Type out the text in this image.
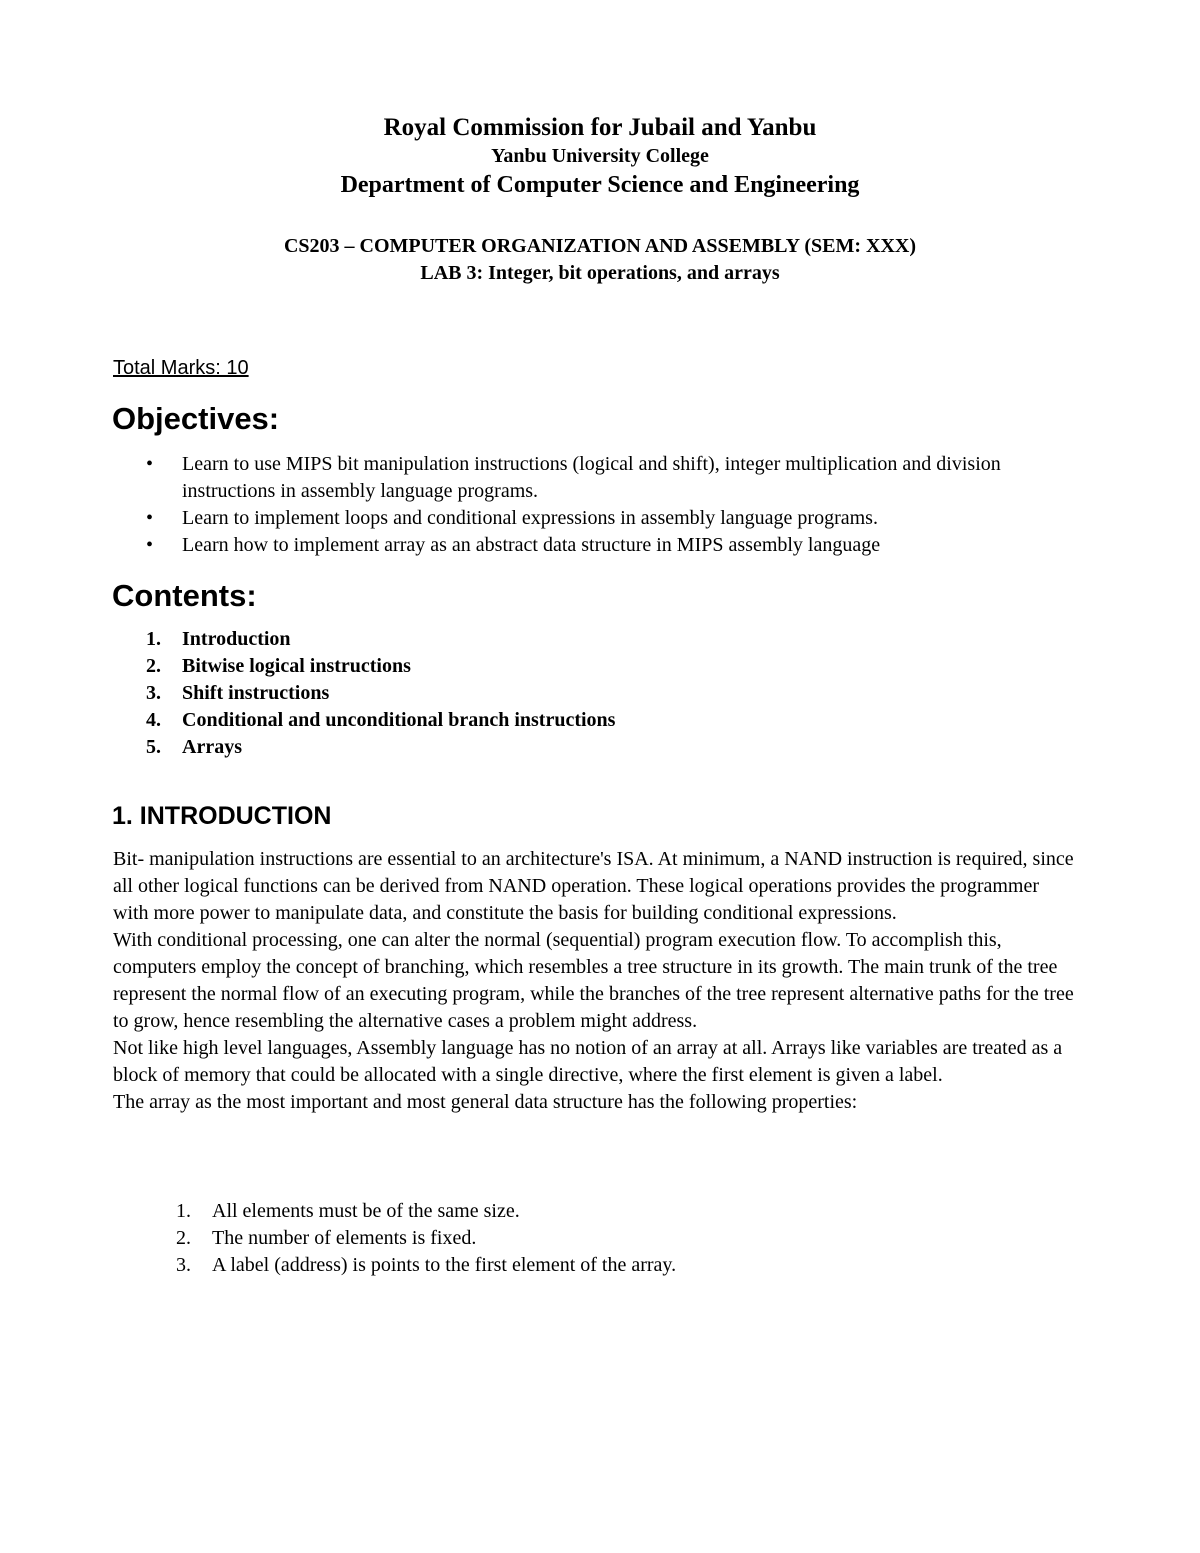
Royal Commission for Jubail and Yanbu

Yanbu University College

Department of Computer Science and Engineering

CS203 – COMPUTER ORGANIZATION AND ASSEMBLY (SEM: XXX)

LAB 3: Integer, bit operations, and arrays

Total Marks: 10
Objectives:
• Learn to use MIPS bit manipulation instructions (logical and shift), integer multiplication and division instructions in assembly language programs.
• Learn to implement loops and conditional expressions in assembly language programs.
• Learn how to implement array as an abstract data structure in MIPS assembly language
Contents:
1. Introduction
2. Bitwise logical instructions
3. Shift instructions
4. Conditional and unconditional branch instructions
5. Arrays
1. INTRODUCTION

Bit- manipulation instructions are essential to an architecture's ISA. At minimum, a NAND instruction is required, since all other logical functions can be derived from NAND operation. These logical operations provides the programmer with more power to manipulate data, and constitute the basis for building conditional expressions.

With conditional processing, one can alter the normal (sequential) program execution flow. To accomplish this, computers employ the concept of branching, which resembles a tree structure in its growth. The main trunk of the tree represent the normal flow of an executing program, while the branches of the tree represent alternative paths for the tree to grow, hence resembling the alternative cases a problem might address.

Not like high level languages, Assembly language has no notion of an array at all. Arrays like variables are treated as a block of memory that could be allocated with a single directive, where the first element is given a label.

The array as the most important and most general data structure has the following properties:

1. All elements must be of the same size.
2. The number of elements is fixed.
3. A label (address) is points to the first element of the array.
